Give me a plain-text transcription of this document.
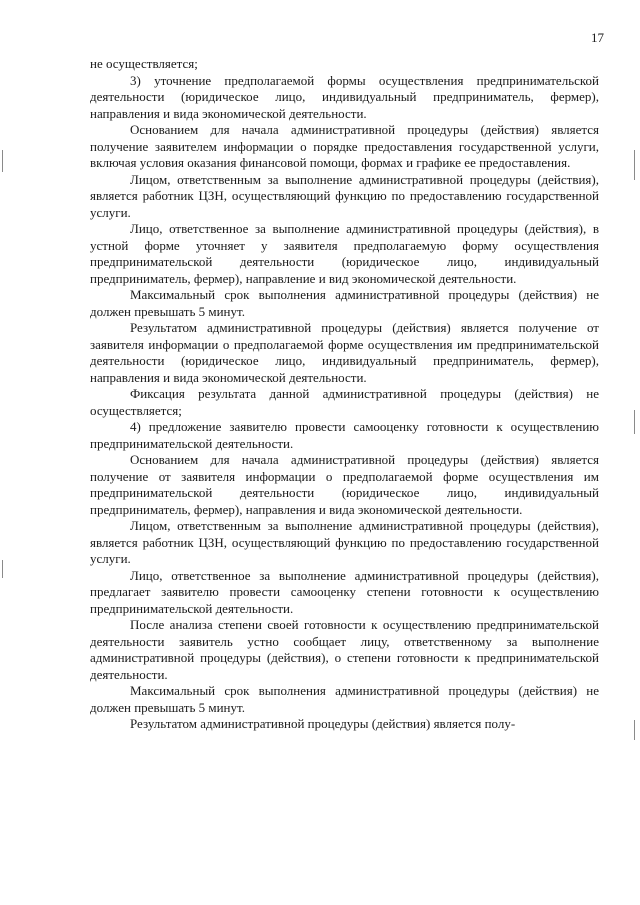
17

не осуществляется;

3) уточнение предполагаемой формы осуществления предпринимательской деятельности (юридическое лицо, индивидуальный предприниматель, фермер), направления и вида экономической деятельности.

Основанием для начала административной процедуры (действия) является получение заявителем информации о порядке предоставления государственной услуги, включая условия оказания финансовой помощи, формах и графике ее предоставления.

Лицом, ответственным за выполнение административной процедуры (действия), является работник ЦЗН, осуществляющий функцию по предоставлению государственной услуги.

Лицо, ответственное за выполнение административной процедуры (действия), в устной форме уточняет у заявителя предполагаемую форму осуществления предпринимательской деятельности (юридическое лицо, индивидуальный предприниматель, фермер), направление и вид экономической деятельности.

Максимальный срок выполнения административной процедуры (действия) не должен превышать 5 минут.

Результатом административной процедуры (действия) является получение от заявителя информации о предполагаемой форме осуществления им предпринимательской деятельности (юридическое лицо, индивидуальный предприниматель, фермер), направления и вида экономической деятельности.

Фиксация результата данной административной процедуры (действия) не осуществляется;

4) предложение заявителю провести самооценку готовности к осуществлению предпринимательской деятельности.

Основанием для начала административной процедуры (действия) является получение от заявителя информации о предполагаемой форме осуществления им предпринимательской деятельности (юридическое лицо, индивидуальный предприниматель, фермер), направления и вида экономической деятельности.

Лицом, ответственным за выполнение административной процедуры (действия), является работник ЦЗН, осуществляющий функцию по предоставлению государственной услуги.

Лицо, ответственное за выполнение административной процедуры (действия), предлагает заявителю провести самооценку степени готовности к осуществлению предпринимательской деятельности.

После анализа степени своей готовности к осуществлению предпринимательской деятельности заявитель устно сообщает лицу, ответственному за выполнение административной процедуры (действия), о степени готовности к предпринимательской деятельности.

Максимальный срок выполнения административной процедуры (действия) не должен превышать 5 минут.

Результатом административной процедуры (действия) является полу-
